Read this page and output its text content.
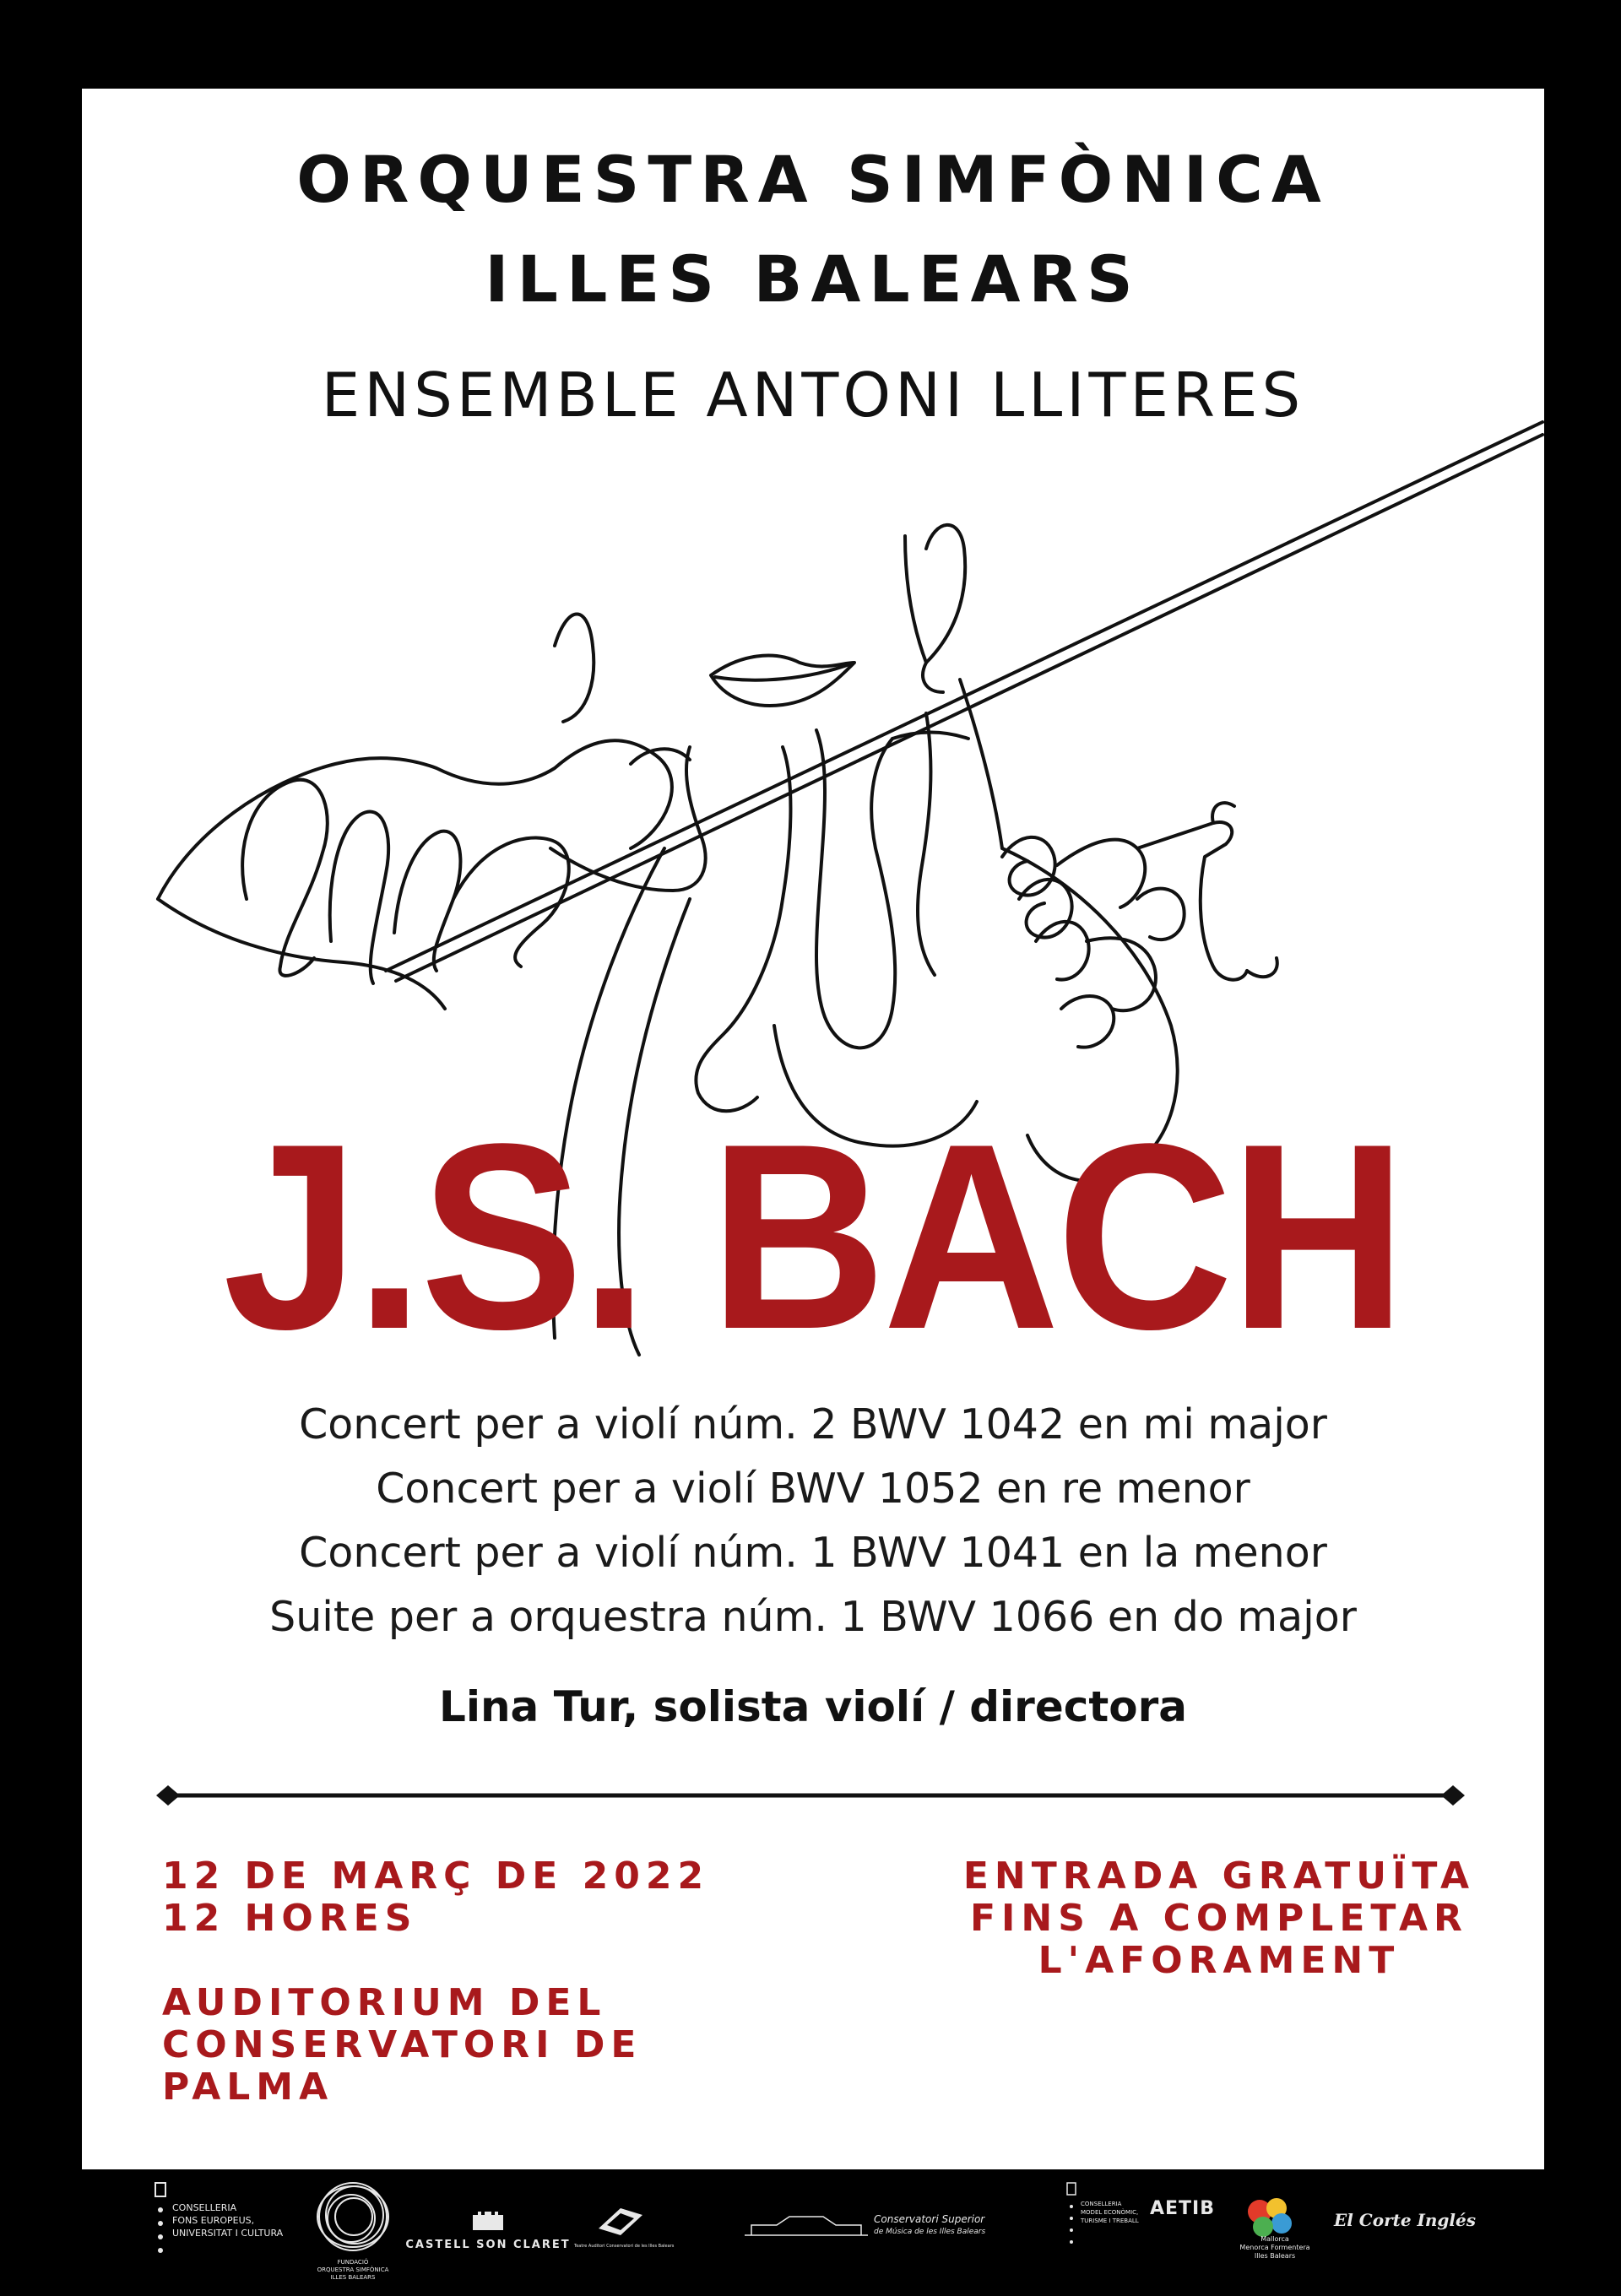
ORQUESTRA SIMFÒNICA
ILLES BALEARS
ENSEMBLE ANTONI LLITERES
J.S. BACH
Concert per a violí núm. 2 BWV 1042 en mi major
Concert per a violí BWV 1052 en re menor
Concert per a violí núm. 1 BWV 1041 en la menor
Suite per a orquestra núm. 1 BWV 1066 en do major
Lina Tur, solista violí / directora
12 DE MARÇ DE 2022
12 HORES
AUDITORIUM DEL
CONSERVATORI DE
PALMA
ENTRADA GRATUÏTA
FINS A COMPLETAR
L'AFORAMENT
CONSELLERIA
FONS EUROPEUS,
UNIVERSITAT I CULTURA
FUNDACIÓ
ORQUESTRA SIMFÒNICA
ILLES BALEARS
CASTELL SON CLARET Teatre Auditori Conservatori de les Illes Balears
Conservatori Superior
de Música de les Illes Balears
CONSELLERIA
MODEL ECONÒMIC,
TURISME I TREBALL
AETIB
Mallorca
Menorca Formentera
Illes Balears
El Corte Inglés
